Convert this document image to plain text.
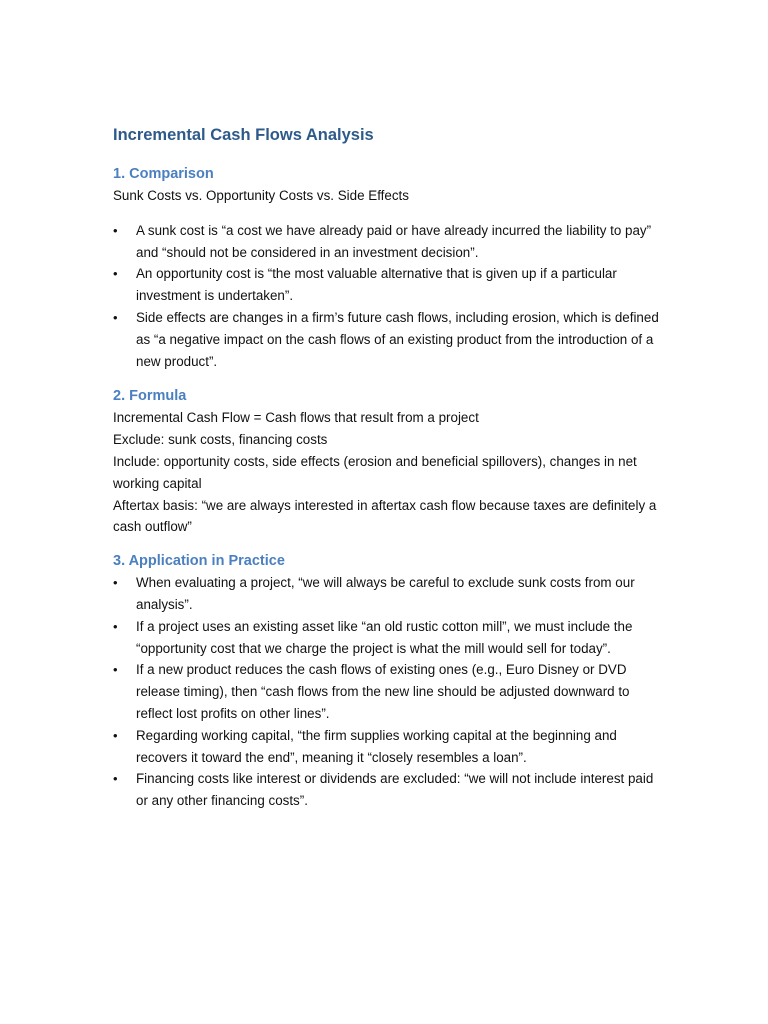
Incremental Cash Flows Analysis
1. Comparison

Sunk Costs vs. Opportunity Costs vs. Side Effects

• A sunk cost is “a cost we have already paid or have already incurred the liability to pay” and “should not be considered in an investment decision”.
• An opportunity cost is “the most valuable alternative that is given up if a particular investment is undertaken”.
• Side effects are changes in a firm’s future cash flows, including erosion, which is defined as “a negative impact on the cash flows of an existing product from the introduction of a new product”.
2. Formula

Incremental Cash Flow = Cash flows that result from a project

Exclude: sunk costs, financing costs

Include: opportunity costs, side effects (erosion and beneficial spillovers), changes in net working capital

Aftertax basis: “we are always interested in aftertax cash flow because taxes are definitely a cash outflow”

3. Application in Practice
• When evaluating a project, “we will always be careful to exclude sunk costs from our analysis”.
• If a project uses an existing asset like “an old rustic cotton mill”, we must include the “opportunity cost that we charge the project is what the mill would sell for today”.
• If a new product reduces the cash flows of existing ones (e.g., Euro Disney or DVD release timing), then “cash flows from the new line should be adjusted downward to reflect lost profits on other lines”.
• Regarding working capital, “the firm supplies working capital at the beginning and recovers it toward the end”, meaning it “closely resembles a loan”.
• Financing costs like interest or dividends are excluded: “we will not include interest paid or any other financing costs”.
